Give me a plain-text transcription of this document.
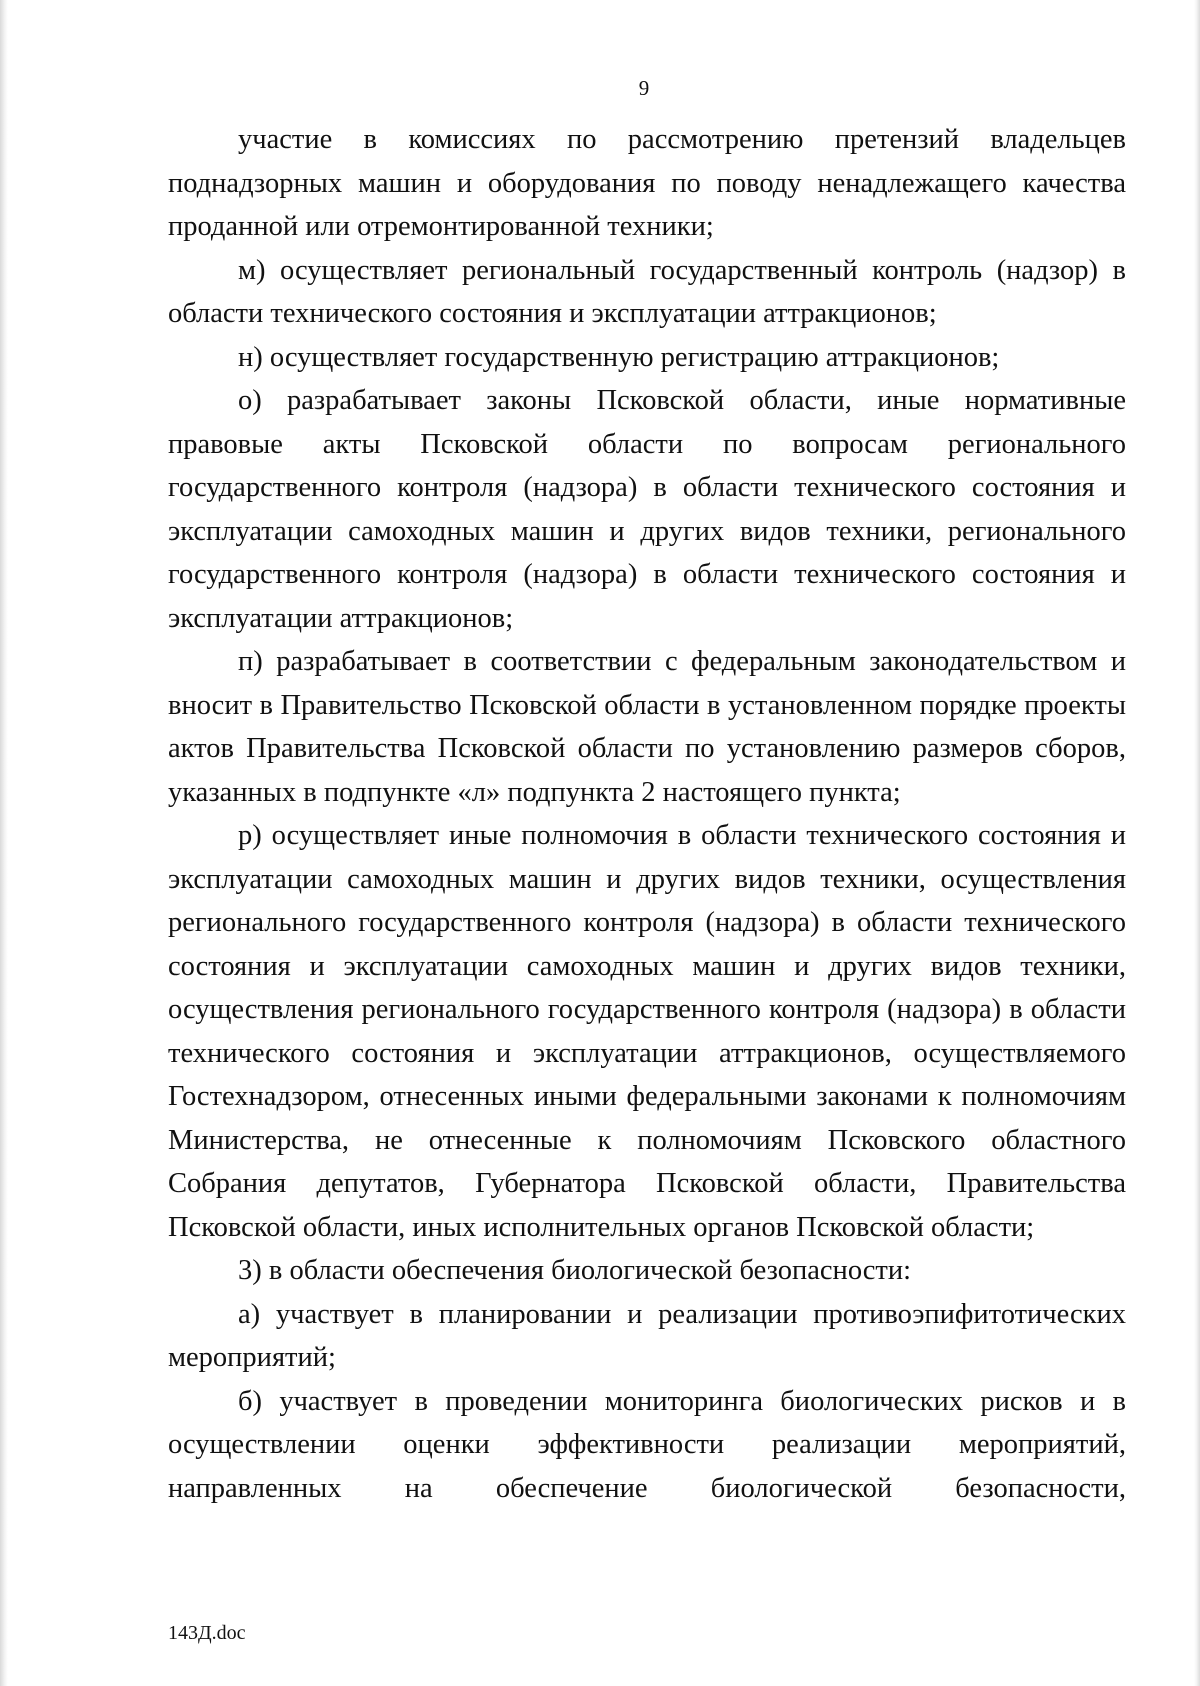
9

участие в комиссиях по рассмотрению претензий владельцев поднадзорных машин и оборудования по поводу ненадлежащего качества проданной или отремонтированной техники;

м) осуществляет региональный государственный контроль (надзор) в области технического состояния и эксплуатации аттракционов;

н) осуществляет государственную регистрацию аттракционов;

о) разрабатывает законы Псковской области, иные нормативные правовые акты Псковской области по вопросам регионального государственного контроля (надзора) в области технического состояния и эксплуатации самоходных машин и других видов техники, регионального государственного контроля (надзора) в области технического состояния и эксплуатации аттракционов;

п) разрабатывает в соответствии с федеральным законодательством и вносит в Правительство Псковской области в установленном порядке проекты актов Правительства Псковской области по установлению размеров сборов, указанных в подпункте «л» подпункта 2 настоящего пункта;

р) осуществляет иные полномочия в области технического состояния и эксплуатации самоходных машин и других видов техники, осуществления регионального государственного контроля (надзора) в области технического состояния и эксплуатации самоходных машин и других видов техники, осуществления регионального государственного контроля (надзора) в области технического состояния и эксплуатации аттракционов, осуществляемого Гостехнадзором, отнесенных иными федеральными законами к полномочиям Министерства, не отнесенные к полномочиям Псковского областного Собрания депутатов, Губернатора Псковской области, Правительства Псковской области, иных исполнительных органов Псковской области;

3) в области обеспечения биологической безопасности:

а) участвует в планировании и реализации противоэпифитотических мероприятий;

б) участвует в проведении мониторинга биологических рисков и в осуществлении оценки эффективности реализации мероприятий, направленных на обеспечение биологической безопасности,

143Д.doc
